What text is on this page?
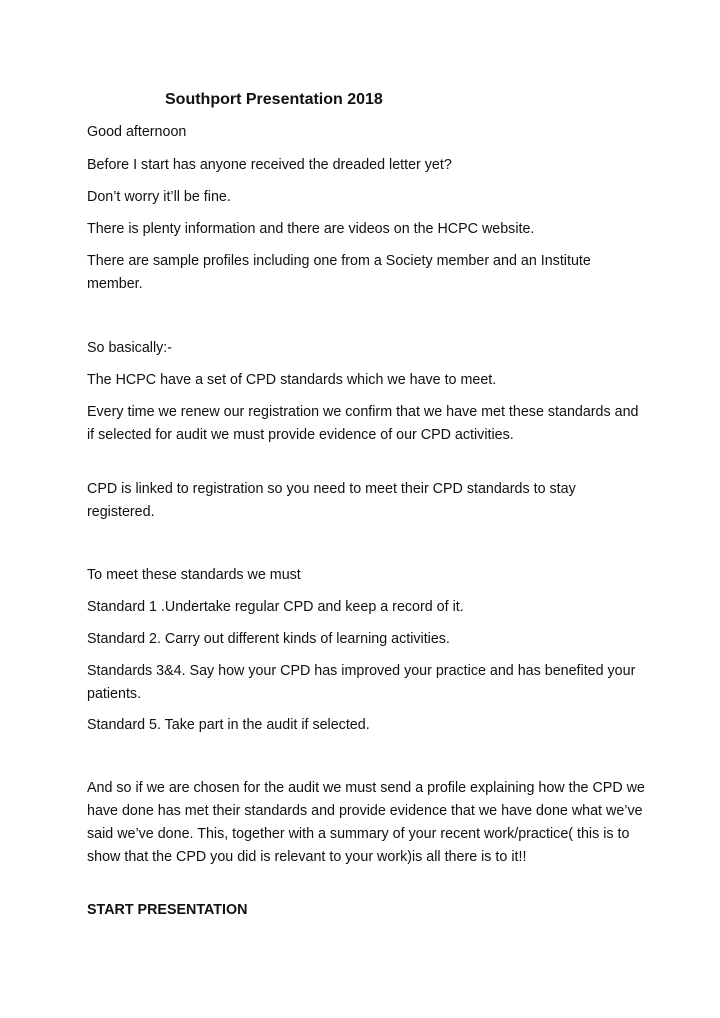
Southport Presentation 2018

Good afternoon

Before I start has anyone received the dreaded letter yet?

Don’t worry it’ll be fine.

There is plenty information and there are videos on the HCPC website.

There are sample profiles including one from a Society member and an Institute member.

So basically:-

The HCPC have a set of CPD standards which we have to meet.

Every time we renew our registration we confirm that we have met these standards and if selected for audit we must provide evidence of our CPD activities.

CPD is linked to registration so you need to meet their CPD standards to stay registered.

To meet these standards we must

Standard 1 .Undertake regular CPD and keep a record of it.

Standard 2. Carry out different kinds of learning activities.

Standards 3&4. Say how your CPD has improved your practice and has benefited your patients.

Standard 5. Take part in the audit if selected.

And so if we are chosen for the audit we must send a profile explaining how the CPD we have done has met their standards and provide evidence that we have done what we’ve said we’ve done. This, together with a summary of your recent work/practice( this is to show that the CPD you did is relevant to your work)is all there is to it!!

START PRESENTATION
